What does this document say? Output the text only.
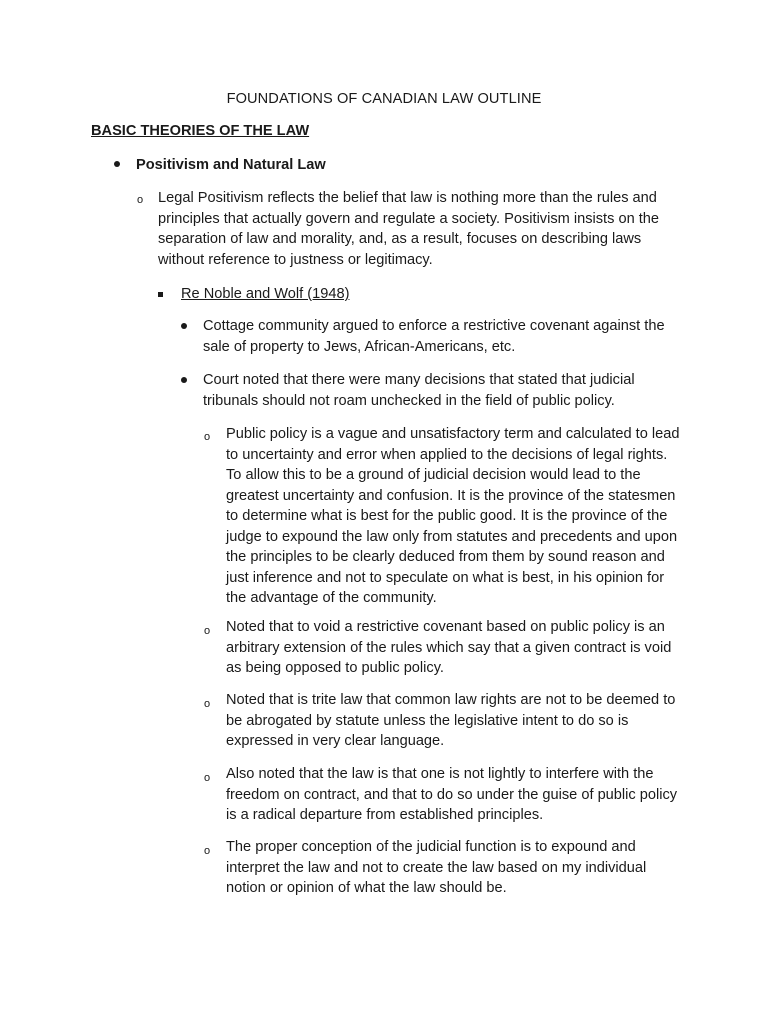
FOUNDATIONS OF CANADIAN LAW OUTLINE
BASIC THEORIES OF THE LAW

Positivism and Natural Law

o Legal Positivism reflects the belief that law is nothing more than the rules and principles that actually govern and regulate a society. Positivism insists on the separation of law and morality, and, as a result, focuses on describing laws without reference to justness or legitimacy.

Re Noble and Wolf (1948)

Cottage community argued to enforce a restrictive covenant against the sale of property to Jews, African-Americans, etc.

Court noted that there were many decisions that stated that judicial tribunals should not roam unchecked in the field of public policy.

o Public policy is a vague and unsatisfactory term and calculated to lead to uncertainty and error when applied to the decisions of legal rights. To allow this to be a ground of judicial decision would lead to the greatest uncertainty and confusion. It is the province of the statesmen to determine what is best for the public good. It is the province of the judge to expound the law only from statutes and precedents and upon the principles to be clearly deduced from them by sound reason and just inference and not to speculate on what is best, in his opinion for the advantage of the community.

o Noted that to void a restrictive covenant based on public policy is an arbitrary extension of the rules which say that a given contract is void as being opposed to public policy.

o Noted that is trite law that common law rights are not to be deemed to be abrogated by statute unless the legislative intent to do so is expressed in very clear language.

o Also noted that the law is that one is not lightly to interfere with the freedom on contract, and that to do so under the guise of public policy is a radical departure from established principles.

o The proper conception of the judicial function is to expound and interpret the law and not to create the law based on my individual notion or opinion of what the law should be.
